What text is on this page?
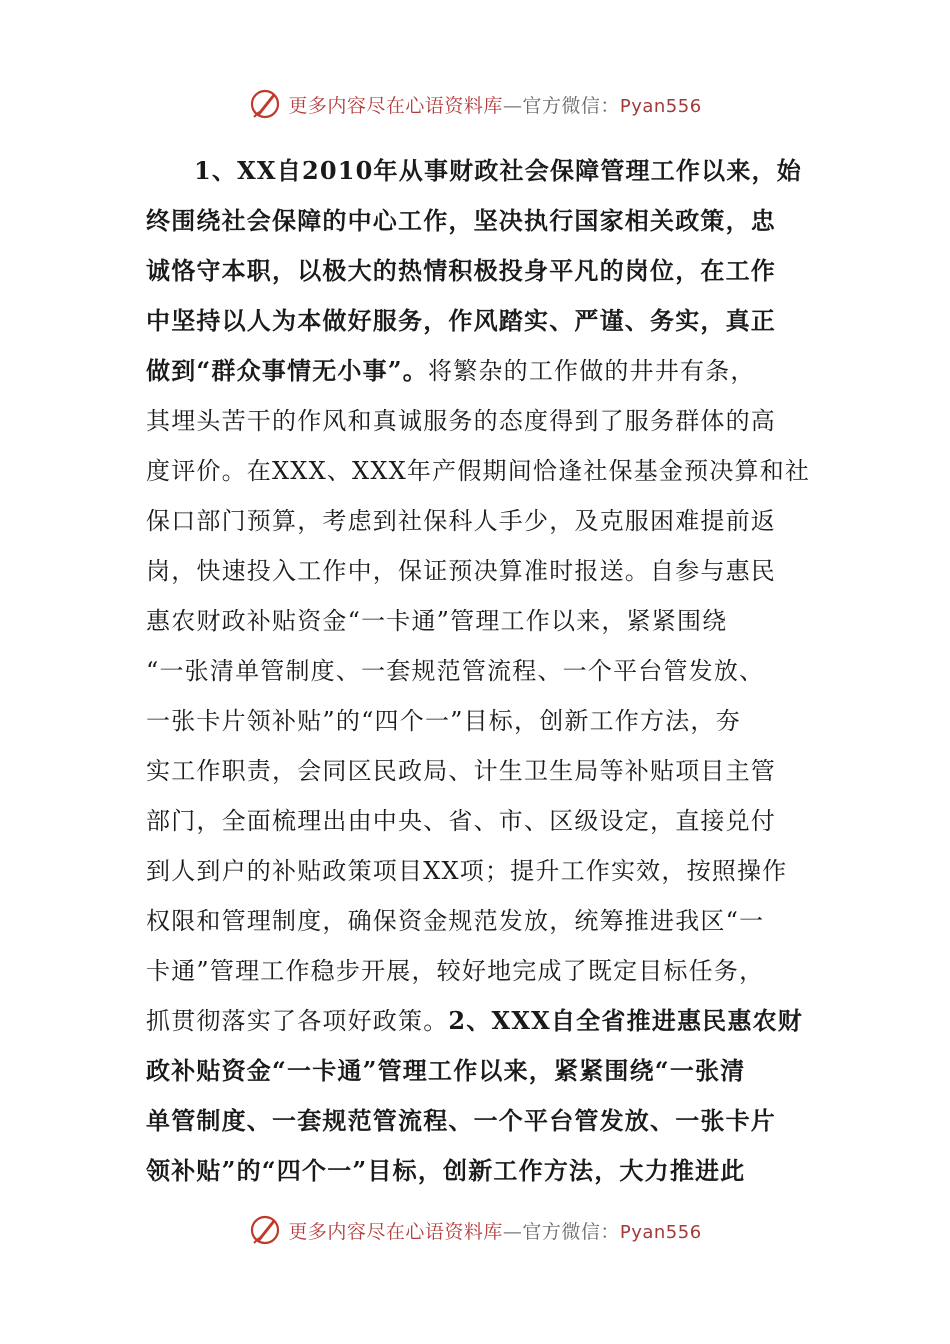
更多内容尽在心语资料库—官方微信：Pyan556
1、XX自2010年从事财政社会保障管理工作以来，始
终围绕社会保障的中心工作，坚决执行国家相关政策，忠
诚恪守本职，以极大的热情积极投身平凡的岗位，在工作
中坚持以人为本做好服务，作风踏实、严谨、务实，真正
做到“群众事情无小事”。将繁杂的工作做的井井有条，
其埋头苦干的作风和真诚服务的态度得到了服务群体的高
度评价。在XXX、XXX年产假期间恰逢社保基金预决算和社
保口部门预算，考虑到社保科人手少，及克服困难提前返
岗，快速投入工作中，保证预决算准时报送。自参与惠民
惠农财政补贴资金“一卡通”管理工作以来，紧紧围绕
“一张清单管制度、一套规范管流程、一个平台管发放、
一张卡片领补贴”的“四个一”目标，创新工作方法，夯
实工作职责，会同区民政局、计生卫生局等补贴项目主管
部门，全面梳理出由中央、省、市、区级设定，直接兑付
到人到户的补贴政策项目XX项；提升工作实效，按照操作
权限和管理制度，确保资金规范发放，统筹推进我区“一
卡通”管理工作稳步开展，较好地完成了既定目标任务，
抓贯彻落实了各项好政策。2、XXX自全省推进惠民惠农财
政补贴资金“一卡通”管理工作以来，紧紧围绕“一张清
单管制度、一套规范管流程、一个平台管发放、一张卡片
领补贴”的“四个一”目标，创新工作方法，大力推进此
更多内容尽在心语资料库—官方微信：Pyan556
